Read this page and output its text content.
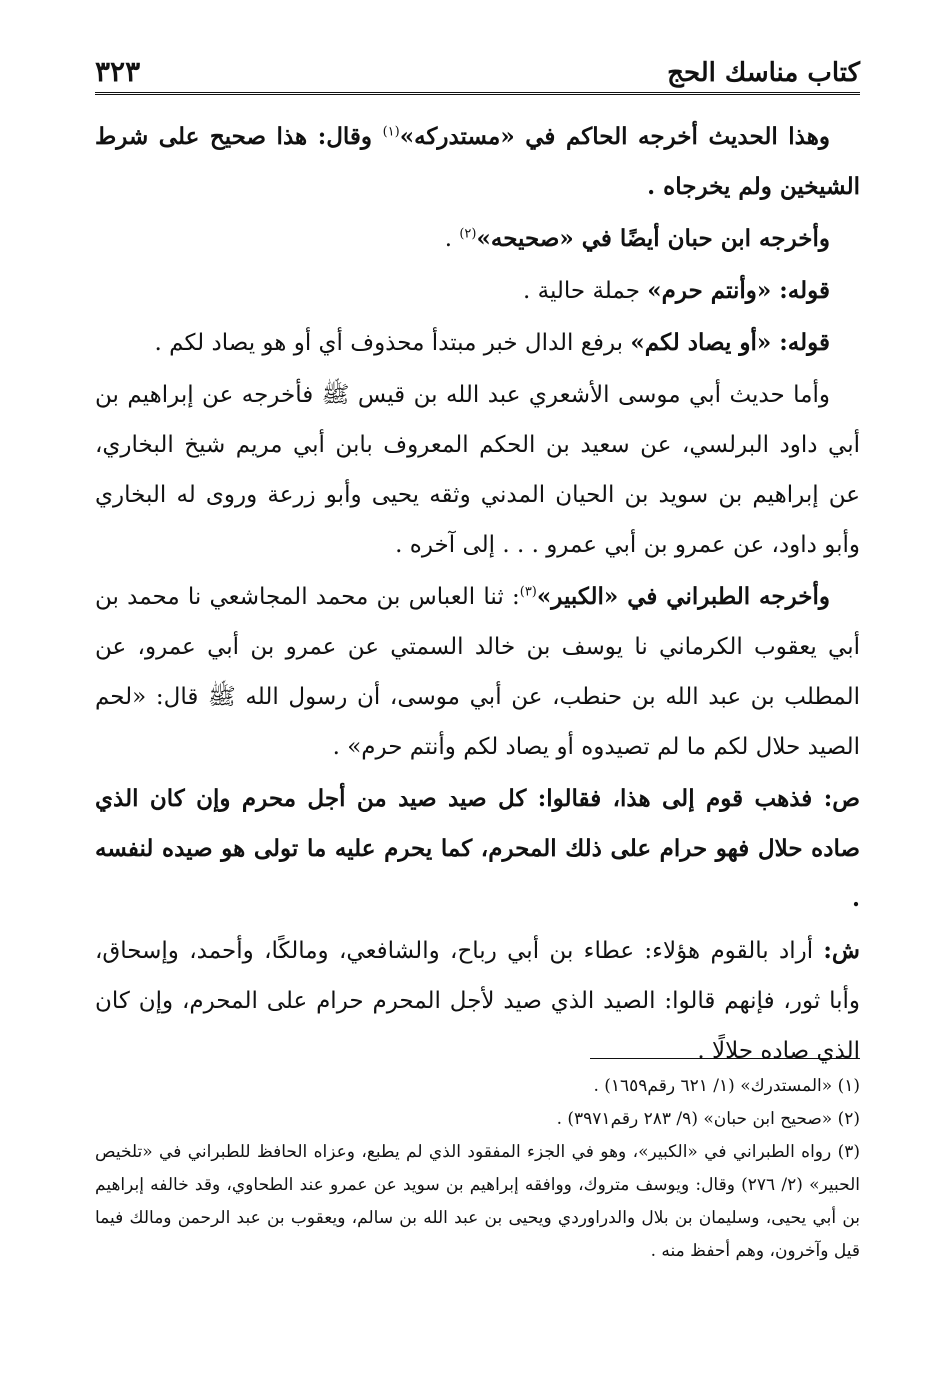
كتاب مناسك الحج
٣٢٣

وهذا الحديث أخرجه الحاكم في «مستدركه»$^{(١)}$ وقال: هذا صحيح على شرط الشيخين ولم يخرجاه .

وأخرجه ابن حبان أيضًا في «صحيحه»$^{(٢)}$ .

قوله: «وأنتم حرم» جملة حالية .

قوله: «أو يصاد لكم» برفع الدال خبر مبتدأ محذوف أي أو هو يصاد لكم .

وأما حديث أبي موسى الأشعري عبد الله بن قيس ﷺ فأخرجه عن إبراهيم بن أبي داود البرلسي، عن سعيد بن الحكم المعروف بابن أبي مريم شيخ البخاري، عن إبراهيم بن سويد بن الحيان المدني وثقه يحيى وأبو زرعة وروى له البخاري وأبو داود، عن عمرو بن أبي عمرو . . . إلى آخره .

وأخرجه الطبراني في «الكبير»$^{(٣)}$: ثنا العباس بن محمد المجاشعي نا محمد بن أبي يعقوب الكرماني نا يوسف بن خالد السمتي عن عمرو بن أبي عمرو، عن المطلب بن عبد الله بن حنطب، عن أبي موسى، أن رسول الله ﷺ قال: «لحم الصيد حلال لكم ما لم تصيدوه أو يصاد لكم وأنتم حرم» .

ص: فذهب قوم إلى هذا، فقالوا: كل صيد صيد من أجل محرم وإن كان الذي صاده حلال فهو حرام على ذلك المحرم، كما يحرم عليه ما تولى هو صيده لنفسه .

ش: أراد بالقوم هؤلاء: عطاء بن أبي رباح، والشافعي، ومالكًا، وأحمد، وإسحاق، وأبا ثور، فإنهم قالوا: الصيد الذي صيد لأجل المحرم حرام على المحرم، وإن كان الذي صاده حلالًا .

(١) «المستدرك» (١/ ٦٢١ رقم١٦٥٩) .

(٢) «صحيح ابن حبان» (٩/ ٢٨٣ رقم٣٩٧١) .

(٣) رواه الطبراني في «الكبير»، وهو في الجزء المفقود الذي لم يطبع، وعزاه الحافظ للطبراني في «تلخيص الحبير» (٢/ ٢٧٦) وقال: ويوسف متروك، ووافقه إبراهيم بن سويد عن عمرو عند الطحاوي، وقد خالفه إبراهيم بن أبي يحيى، وسليمان بن بلال والدراوردي ويحيى بن عبد الله بن سالم، ويعقوب بن عبد الرحمن ومالك فيما قيل وآخرون، وهم أحفظ منه .
